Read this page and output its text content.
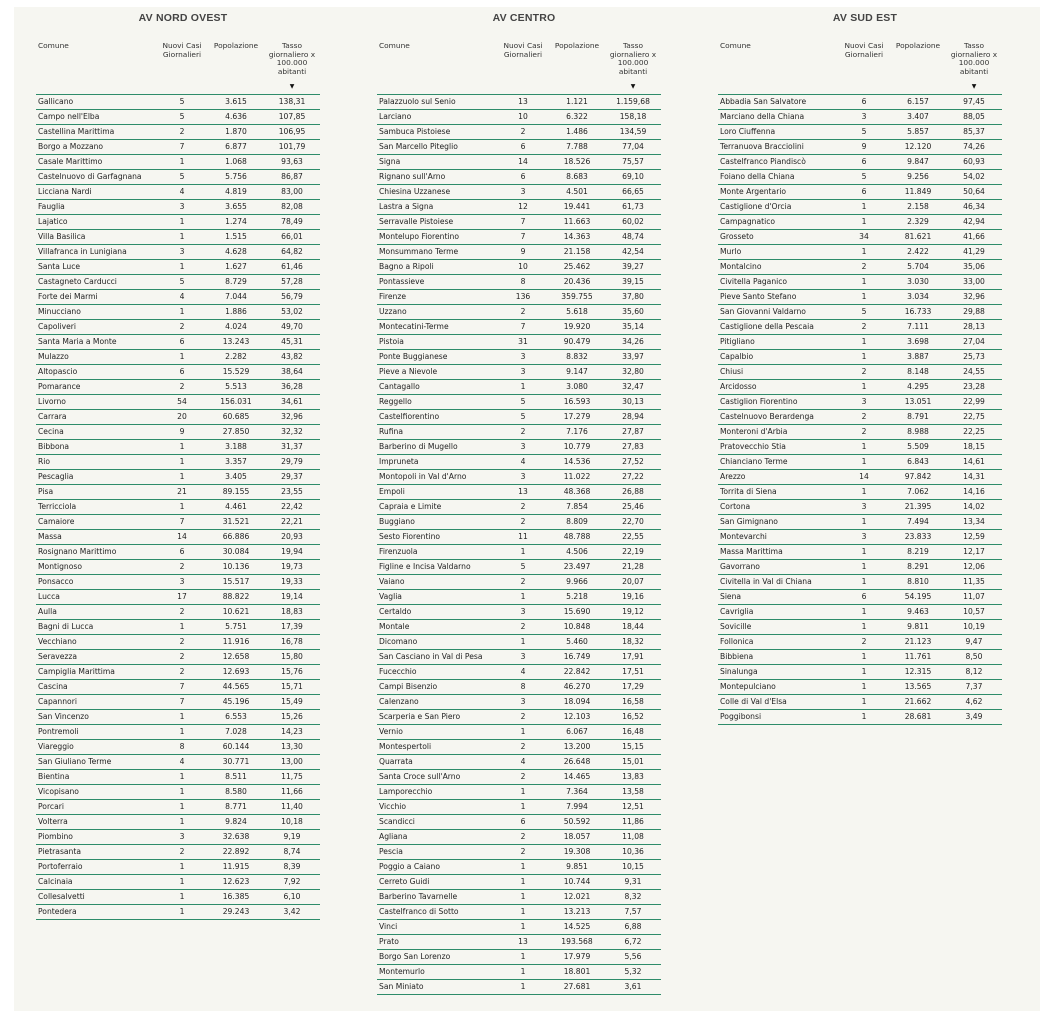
AV NORD OVEST
Comune	Nuovi Casi Giornalieri	Popolazione	Tasso giornaliero x 100.000 abitanti
▼

Gallicano	5	3.615	138,31
Campo nell'Elba	5	4.636	107,85
Castellina Marittima	2	1.870	106,95
Borgo a Mozzano	7	6.877	101,79
Casale Marittimo	1	1.068	93,63
Castelnuovo di Garfagnana	5	5.756	86,87
Licciana Nardi	4	4.819	83,00
Fauglia	3	3.655	82,08
Lajatico	1	1.274	78,49
Villa Basilica	1	1.515	66,01
Villafranca in Lunigiana	3	4.628	64,82
Santa Luce	1	1.627	61,46
Castagneto Carducci	5	8.729	57,28
Forte dei Marmi	4	7.044	56,79
Minucciano	1	1.886	53,02
Capoliveri	2	4.024	49,70
Santa Maria a Monte	6	13.243	45,31
Mulazzo	1	2.282	43,82
Altopascio	6	15.529	38,64
Pomarance	2	5.513	36,28
Livorno	54	156.031	34,61
Carrara	20	60.685	32,96
Cecina	9	27.850	32,32
Bibbona	1	3.188	31,37
Rio	1	3.357	29,79
Pescaglia	1	3.405	29,37
Pisa	21	89.155	23,55
Terricciola	1	4.461	22,42
Camaiore	7	31.521	22,21
Massa	14	66.886	20,93
Rosignano Marittimo	6	30.084	19,94
Montignoso	2	10.136	19,73
Ponsacco	3	15.517	19,33
Lucca	17	88.822	19,14
Aulla	2	10.621	18,83
Bagni di Lucca	1	5.751	17,39
Vecchiano	2	11.916	16,78
Seravezza	2	12.658	15,80
Campiglia Marittima	2	12.693	15,76
Cascina	7	44.565	15,71
Capannori	7	45.196	15,49
San Vincenzo	1	6.553	15,26
Pontremoli	1	7.028	14,23
Viareggio	8	60.144	13,30
San Giuliano Terme	4	30.771	13,00
Bientina	1	8.511	11,75
Vicopisano	1	8.580	11,66
Porcari	1	8.771	11,40
Volterra	1	9.824	10,18
Piombino	3	32.638	9,19
Pietrasanta	2	22.892	8,74
Portoferraio	1	11.915	8,39
Calcinaia	1	12.623	7,92
Collesalvetti	1	16.385	6,10
Pontedera	1	29.243	3,42
AV CENTRO
Comune	Nuovi Casi Giornalieri	Popolazione	Tasso giornaliero x 100.000 abitanti
▼

Palazzuolo sul Senio	13	1.121	1.159,68
Larciano	10	6.322	158,18
Sambuca Pistoiese	2	1.486	134,59
San Marcello Piteglio	6	7.788	77,04
Signa	14	18.526	75,57
Rignano sull'Arno	6	8.683	69,10
Chiesina Uzzanese	3	4.501	66,65
Lastra a Signa	12	19.441	61,73
Serravalle Pistoiese	7	11.663	60,02
Montelupo Fiorentino	7	14.363	48,74
Monsummano Terme	9	21.158	42,54
Bagno a Ripoli	10	25.462	39,27
Pontassieve	8	20.436	39,15
Firenze	136	359.755	37,80
Uzzano	2	5.618	35,60
Montecatini-Terme	7	19.920	35,14
Pistoia	31	90.479	34,26
Ponte Buggianese	3	8.832	33,97
Pieve a Nievole	3	9.147	32,80
Cantagallo	1	3.080	32,47
Reggello	5	16.593	30,13
Castelfiorentino	5	17.279	28,94
Rufina	2	7.176	27,87
Barberino di Mugello	3	10.779	27,83
Impruneta	4	14.536	27,52
Montopoli in Val d'Arno	3	11.022	27,22
Empoli	13	48.368	26,88
Capraia e Limite	2	7.854	25,46
Buggiano	2	8.809	22,70
Sesto Fiorentino	11	48.788	22,55
Firenzuola	1	4.506	22,19
Figline e Incisa Valdarno	5	23.497	21,28
Vaiano	2	9.966	20,07
Vaglia	1	5.218	19,16
Certaldo	3	15.690	19,12
Montale	2	10.848	18,44
Dicomano	1	5.460	18,32
San Casciano in Val di Pesa	3	16.749	17,91
Fucecchio	4	22.842	17,51
Campi Bisenzio	8	46.270	17,29
Calenzano	3	18.094	16,58
Scarperia e San Piero	2	12.103	16,52
Vernio	1	6.067	16,48
Montespertoli	2	13.200	15,15
Quarrata	4	26.648	15,01
Santa Croce sull'Arno	2	14.465	13,83
Lamporecchio	1	7.364	13,58
Vicchio	1	7.994	12,51
Scandicci	6	50.592	11,86
Agliana	2	18.057	11,08
Pescia	2	19.308	10,36
Poggio a Caiano	1	9.851	10,15
Cerreto Guidi	1	10.744	9,31
Barberino Tavarnelle	1	12.021	8,32
Castelfranco di Sotto	1	13.213	7,57
Vinci	1	14.525	6,88
Prato	13	193.568	6,72
Borgo San Lorenzo	1	17.979	5,56
Montemurlo	1	18.801	5,32
San Miniato	1	27.681	3,61
AV SUD EST
Comune	Nuovi Casi Giornalieri	Popolazione	Tasso giornaliero x 100.000 abitanti
▼

Abbadia San Salvatore	6	6.157	97,45
Marciano della Chiana	3	3.407	88,05
Loro Ciuffenna	5	5.857	85,37
Terranuova Bracciolini	9	12.120	74,26
Castelfranco Piandiscò	6	9.847	60,93
Foiano della Chiana	5	9.256	54,02
Monte Argentario	6	11.849	50,64
Castiglione d'Orcia	1	2.158	46,34
Campagnatico	1	2.329	42,94
Grosseto	34	81.621	41,66
Murlo	1	2.422	41,29
Montalcino	2	5.704	35,06
Civitella Paganico	1	3.030	33,00
Pieve Santo Stefano	1	3.034	32,96
San Giovanni Valdarno	5	16.733	29,88
Castiglione della Pescaia	2	7.111	28,13
Pitigliano	1	3.698	27,04
Capalbio	1	3.887	25,73
Chiusi	2	8.148	24,55
Arcidosso	1	4.295	23,28
Castiglion Fiorentino	3	13.051	22,99
Castelnuovo Berardenga	2	8.791	22,75
Monteroni d'Arbia	2	8.988	22,25
Pratovecchio Stia	1	5.509	18,15
Chianciano Terme	1	6.843	14,61
Arezzo	14	97.842	14,31
Torrita di Siena	1	7.062	14,16
Cortona	3	21.395	14,02
San Gimignano	1	7.494	13,34
Montevarchi	3	23.833	12,59
Massa Marittima	1	8.219	12,17
Gavorrano	1	8.291	12,06
Civitella in Val di Chiana	1	8.810	11,35
Siena	6	54.195	11,07
Cavriglia	1	9.463	10,57
Sovicille	1	9.811	10,19
Follonica	2	21.123	9,47
Bibbiena	1	11.761	8,50
Sinalunga	1	12.315	8,12
Montepulciano	1	13.565	7,37
Colle di Val d'Elsa	1	21.662	4,62
Poggibonsi	1	28.681	3,49
